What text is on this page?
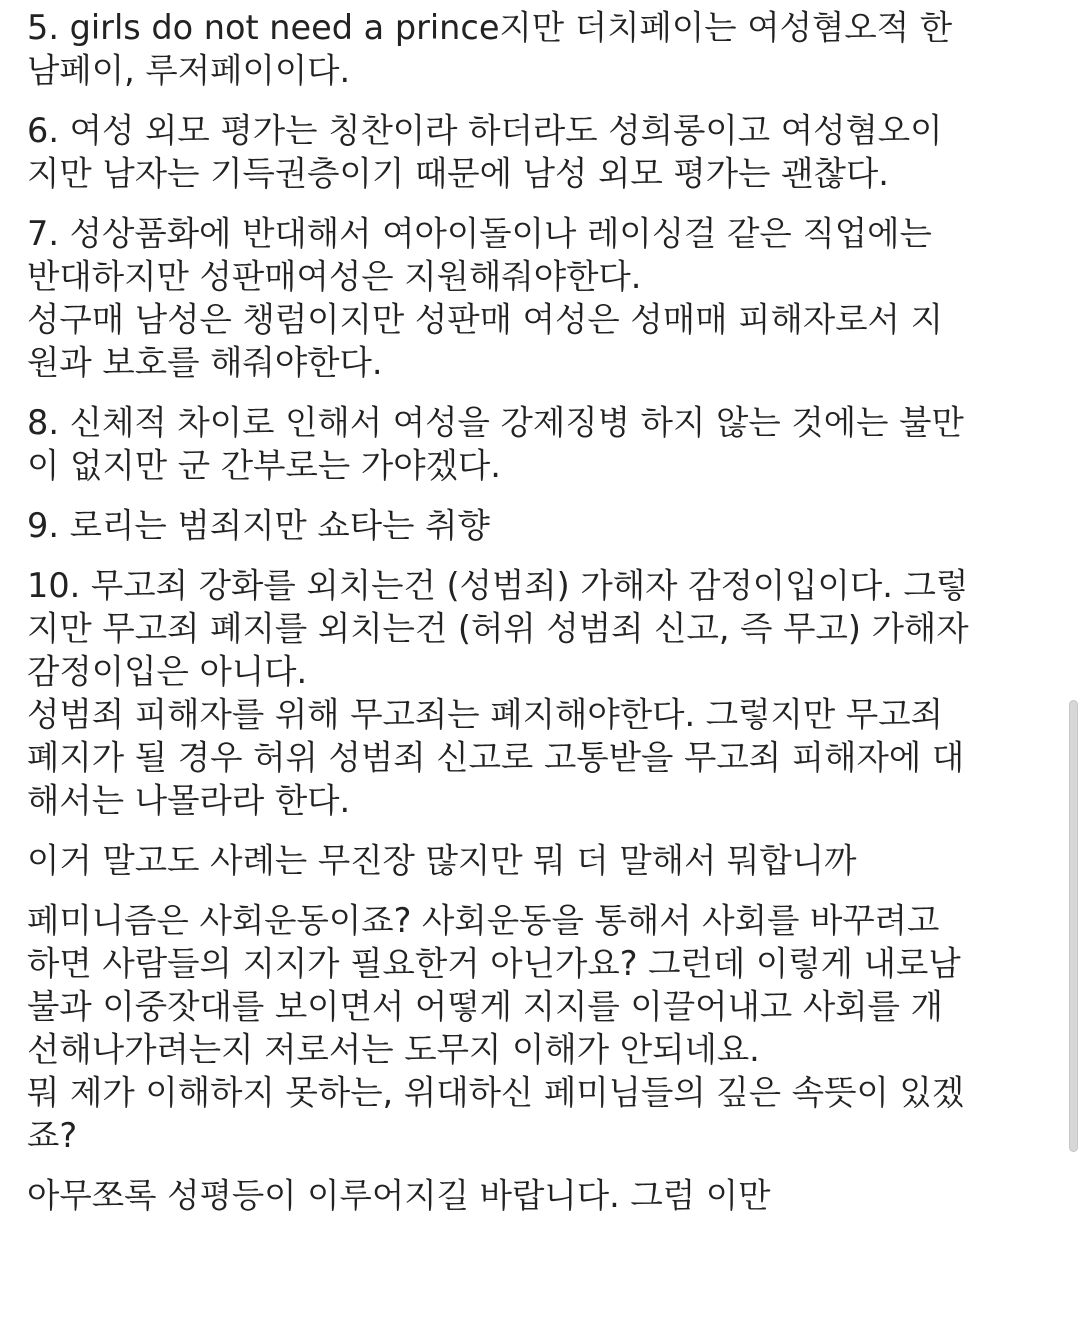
5. girls do not need a prince지만 더치페이는 여성혐오적 한
남페이, 루저페이이다.

6. 여성 외모 평가는 칭찬이라 하더라도 성희롱이고 여성혐오이
지만 남자는 기득권층이기 때문에 남성 외모 평가는 괜찮다.

7. 성상품화에 반대해서 여아이돌이나 레이싱걸 같은 직업에는
반대하지만 성판매여성은 지원해줘야한다.
성구매 남성은 챙럼이지만 성판매 여성은 성매매 피해자로서 지
원과 보호를 해줘야한다.

8. 신체적 차이로 인해서 여성을 강제징병 하지 않는 것에는 불만
이 없지만 군 간부로는 가야겠다.

9. 로리는 범죄지만 쇼타는 취향

10. 무고죄 강화를 외치는건 (성범죄) 가해자 감정이입이다. 그렇
지만 무고죄 폐지를 외치는건 (허위 성범죄 신고, 즉 무고) 가해자
감정이입은 아니다.
성범죄 피해자를 위해 무고죄는 폐지해야한다. 그렇지만 무고죄
폐지가 될 경우 허위 성범죄 신고로 고통받을 무고죄 피해자에 대
해서는 나몰라라 한다.

이거 말고도 사례는 무진장 많지만 뭐 더 말해서 뭐합니까

페미니즘은 사회운동이죠? 사회운동을 통해서 사회를 바꾸려고
하면 사람들의 지지가 필요한거 아닌가요? 그런데 이렇게 내로남
불과 이중잣대를 보이면서 어떻게 지지를 이끌어내고 사회를 개
선해나가려는지 저로서는 도무지 이해가 안되네요.
뭐 제가 이해하지 못하는, 위대하신 페미님들의 깊은 속뜻이 있겠
죠?

아무쪼록 성평등이 이루어지길 바랍니다. 그럼 이만
